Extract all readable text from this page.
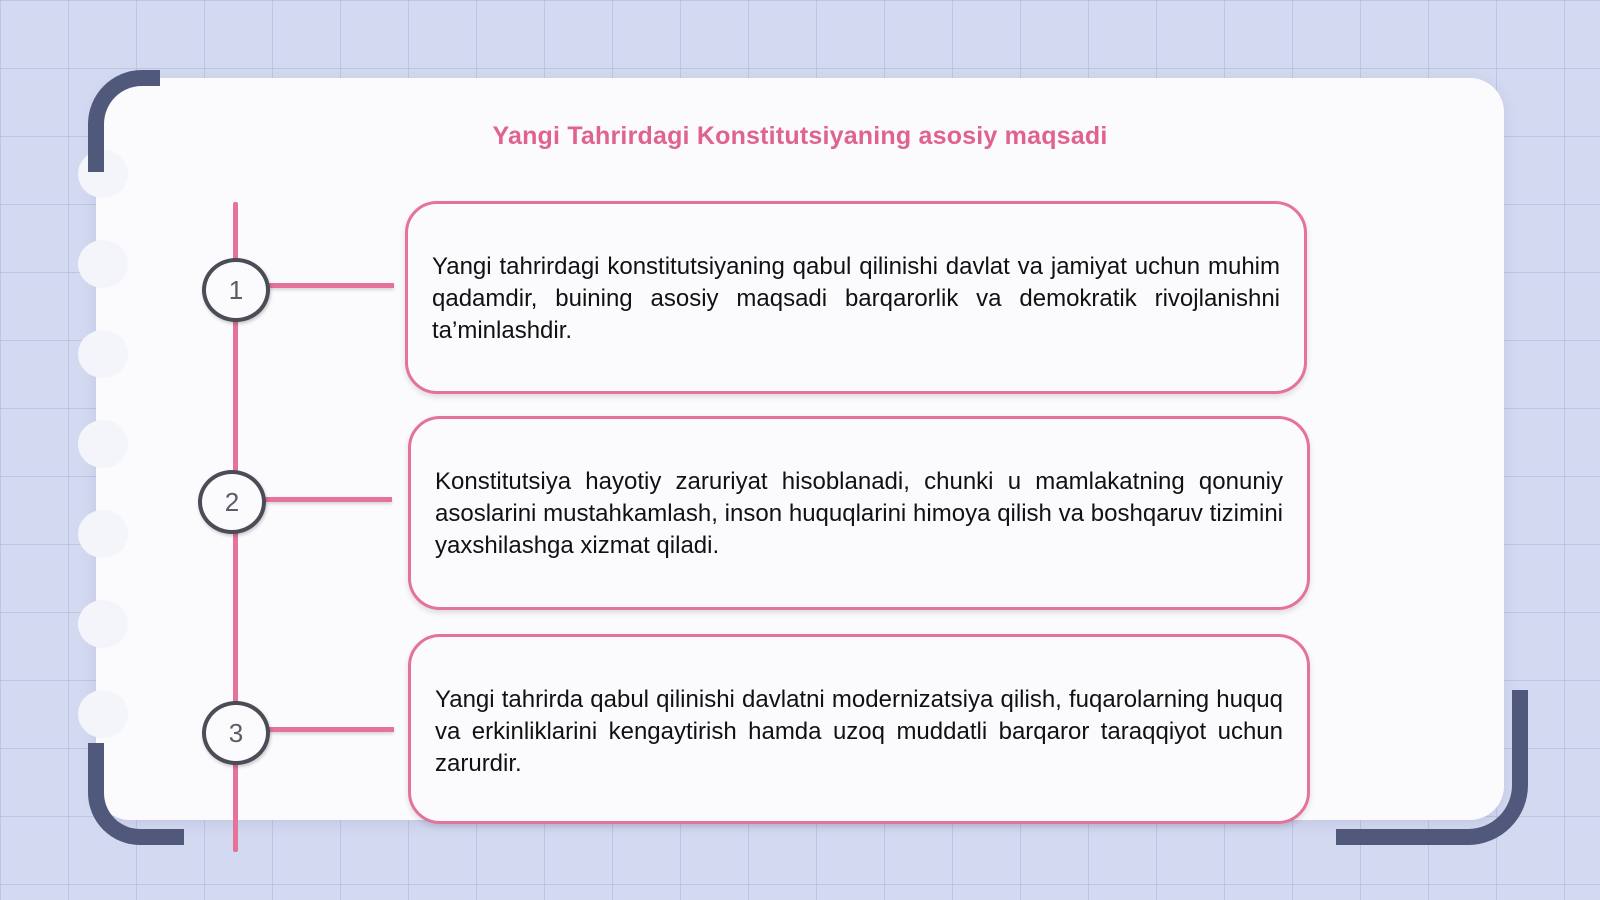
Yangi Tahrirdagi Konstitutsiyaning asosiy maqsadi
1
2
3

Yangi tahrirdagi konstitutsiyaning qabul qilinishi davlat va jamiyat uchun muhim qadamdir, buining asosiy maqsadi barqarorlik va demokratik rivojlanishni ta’minlashdir.

Konstitutsiya hayotiy zaruriyat hisoblanadi, chunki u mamlakatning qonuniy asoslarini mustahkamlash, inson huquqlarini himoya qilish va boshqaruv tizimini yaxshilashga xizmat qiladi.

Yangi tahrirda qabul qilinishi davlatni modernizatsiya qilish, fuqarolarning huquq va erkinliklarini kengaytirish hamda uzoq muddatli barqaror taraqqiyot uchun zarurdir.
